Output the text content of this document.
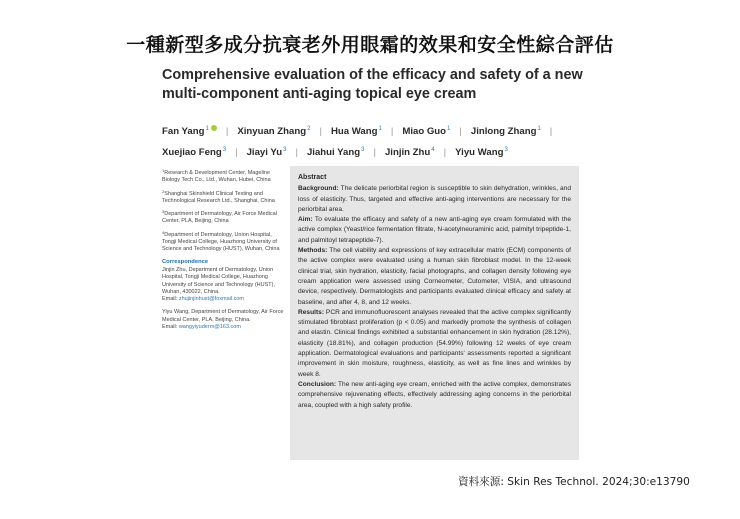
一種新型多成分抗衰老外用眼霜的效果和安全性綜合評估
Comprehensive evaluation of the efficacy and safety of a new
multi-component anti-aging topical eye cream
Fan Yang$^1$ | Xinyuan Zhang$^2$ | Hua Wang$^1$ | Miao Guo$^1$ | Jinlong Zhang$^1$ |
Xuejiao Feng$^3$ | Jiayi Yu$^3$ | Jiahui Yang$^3$ | Jinjin Zhu$^4$ | Yiyu Wang$^3$
$^1$Research & Development Center, Mageline Biology Tech Co., Ltd., Wuhan, Hubei, China
$^2$Shanghai Skinshield Clinical Testing and Technological Research Ltd., Shanghai, China
$^3$Department of Dermatology, Air Force Medical Center, PLA, Beijing, China
$^4$Department of Dermatology, Union Hospital, Tongji Medical College, Huazhong University of Science and Technology (HUST), Wuhan, China
Correspondence
Jinjin Zhu, Department of Dermatology, Union Hospital, Tongji Medical College, Huazhong University of Science and Technology (HUST), Wuhan, 430022, China.
Email: zhujinjinhust@foxmail.com
Yiyu Wang, Department of Dermatology, Air Force Medical Center, PLA, Beijing, China.
Email: wangyiyuderm@163.com
Abstract

Background: The delicate periorbital region is susceptible to skin dehydration, wrinkles, and loss of elasticity. Thus, targeted and effective anti-aging interventions are necessary for the periorbital area.

Aim: To evaluate the efficacy and safety of a new anti-aging eye cream formulated with the active complex (Yeast/rice fermentation filtrate, N-acetylneuraminic acid, palmityl tripeptide-1, and palmitoyl tetrapeptide-7).

Methods: The cell viability and expressions of key extracellular matrix (ECM) components of the active complex were evaluated using a human skin fibroblast model. In the 12-week clinical trial, skin hydration, elasticity, facial photographs, and collagen density following eye cream application were assessed using Corneometer, Cutometer, VISIA, and ultrasound device, respectively. Dermatologists and participants evaluated clinical efficacy and safety at baseline, and after 4, 8, and 12 weeks.

Results: PCR and immunofluorescent analyses revealed that the active complex significantly stimulated fibroblast proliferation (p < 0.05) and markedly promote the synthesis of collagen and elastin. Clinical findings exhibited a substantial enhancement in skin hydration (28.12%), elasticity (18.81%), and collagen production (54.99%) following 12 weeks of eye cream application. Dermatological evaluations and participants' assessments reported a significant improvement in skin moisture, roughness, elasticity, as well as fine lines and wrinkles by week 8.

Conclusion: The new anti-aging eye cream, enriched with the active complex, demonstrates comprehensive rejuvenating effects, effectively addressing aging concerns in the periorbital area, coupled with a high safety profile.

資料來源: Skin Res Technol. 2024;30:e13790
